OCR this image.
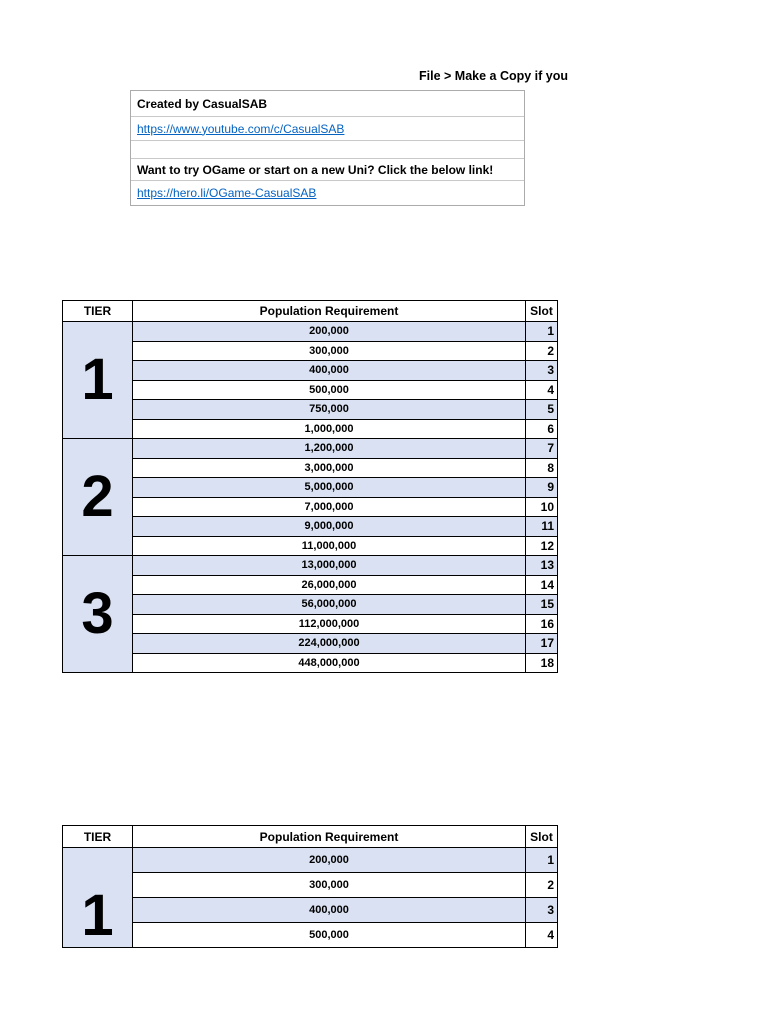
File > Make a Copy if you
Created by CasualSAB
https://www.youtube.com/c/CasualSAB
Want to try OGame or start on a new Uni? Click the below link!
https://hero.li/OGame-CasualSAB
TIER	Population Requirement	Slot
1	200,000	1
	300,000	2
	400,000	3
	500,000	4
	750,000	5
	1,000,000	6
2	1,200,000	7
	3,000,000	8
	5,000,000	9
	7,000,000	10
	9,000,000	11
	11,000,000	12
3	13,000,000	13
	26,000,000	14
	56,000,000	15
	112,000,000	16
	224,000,000	17
	448,000,000	18
TIER	Population Requirement	Slot
1	200,000	1
	300,000	2
	400,000	3
	500,000	4
